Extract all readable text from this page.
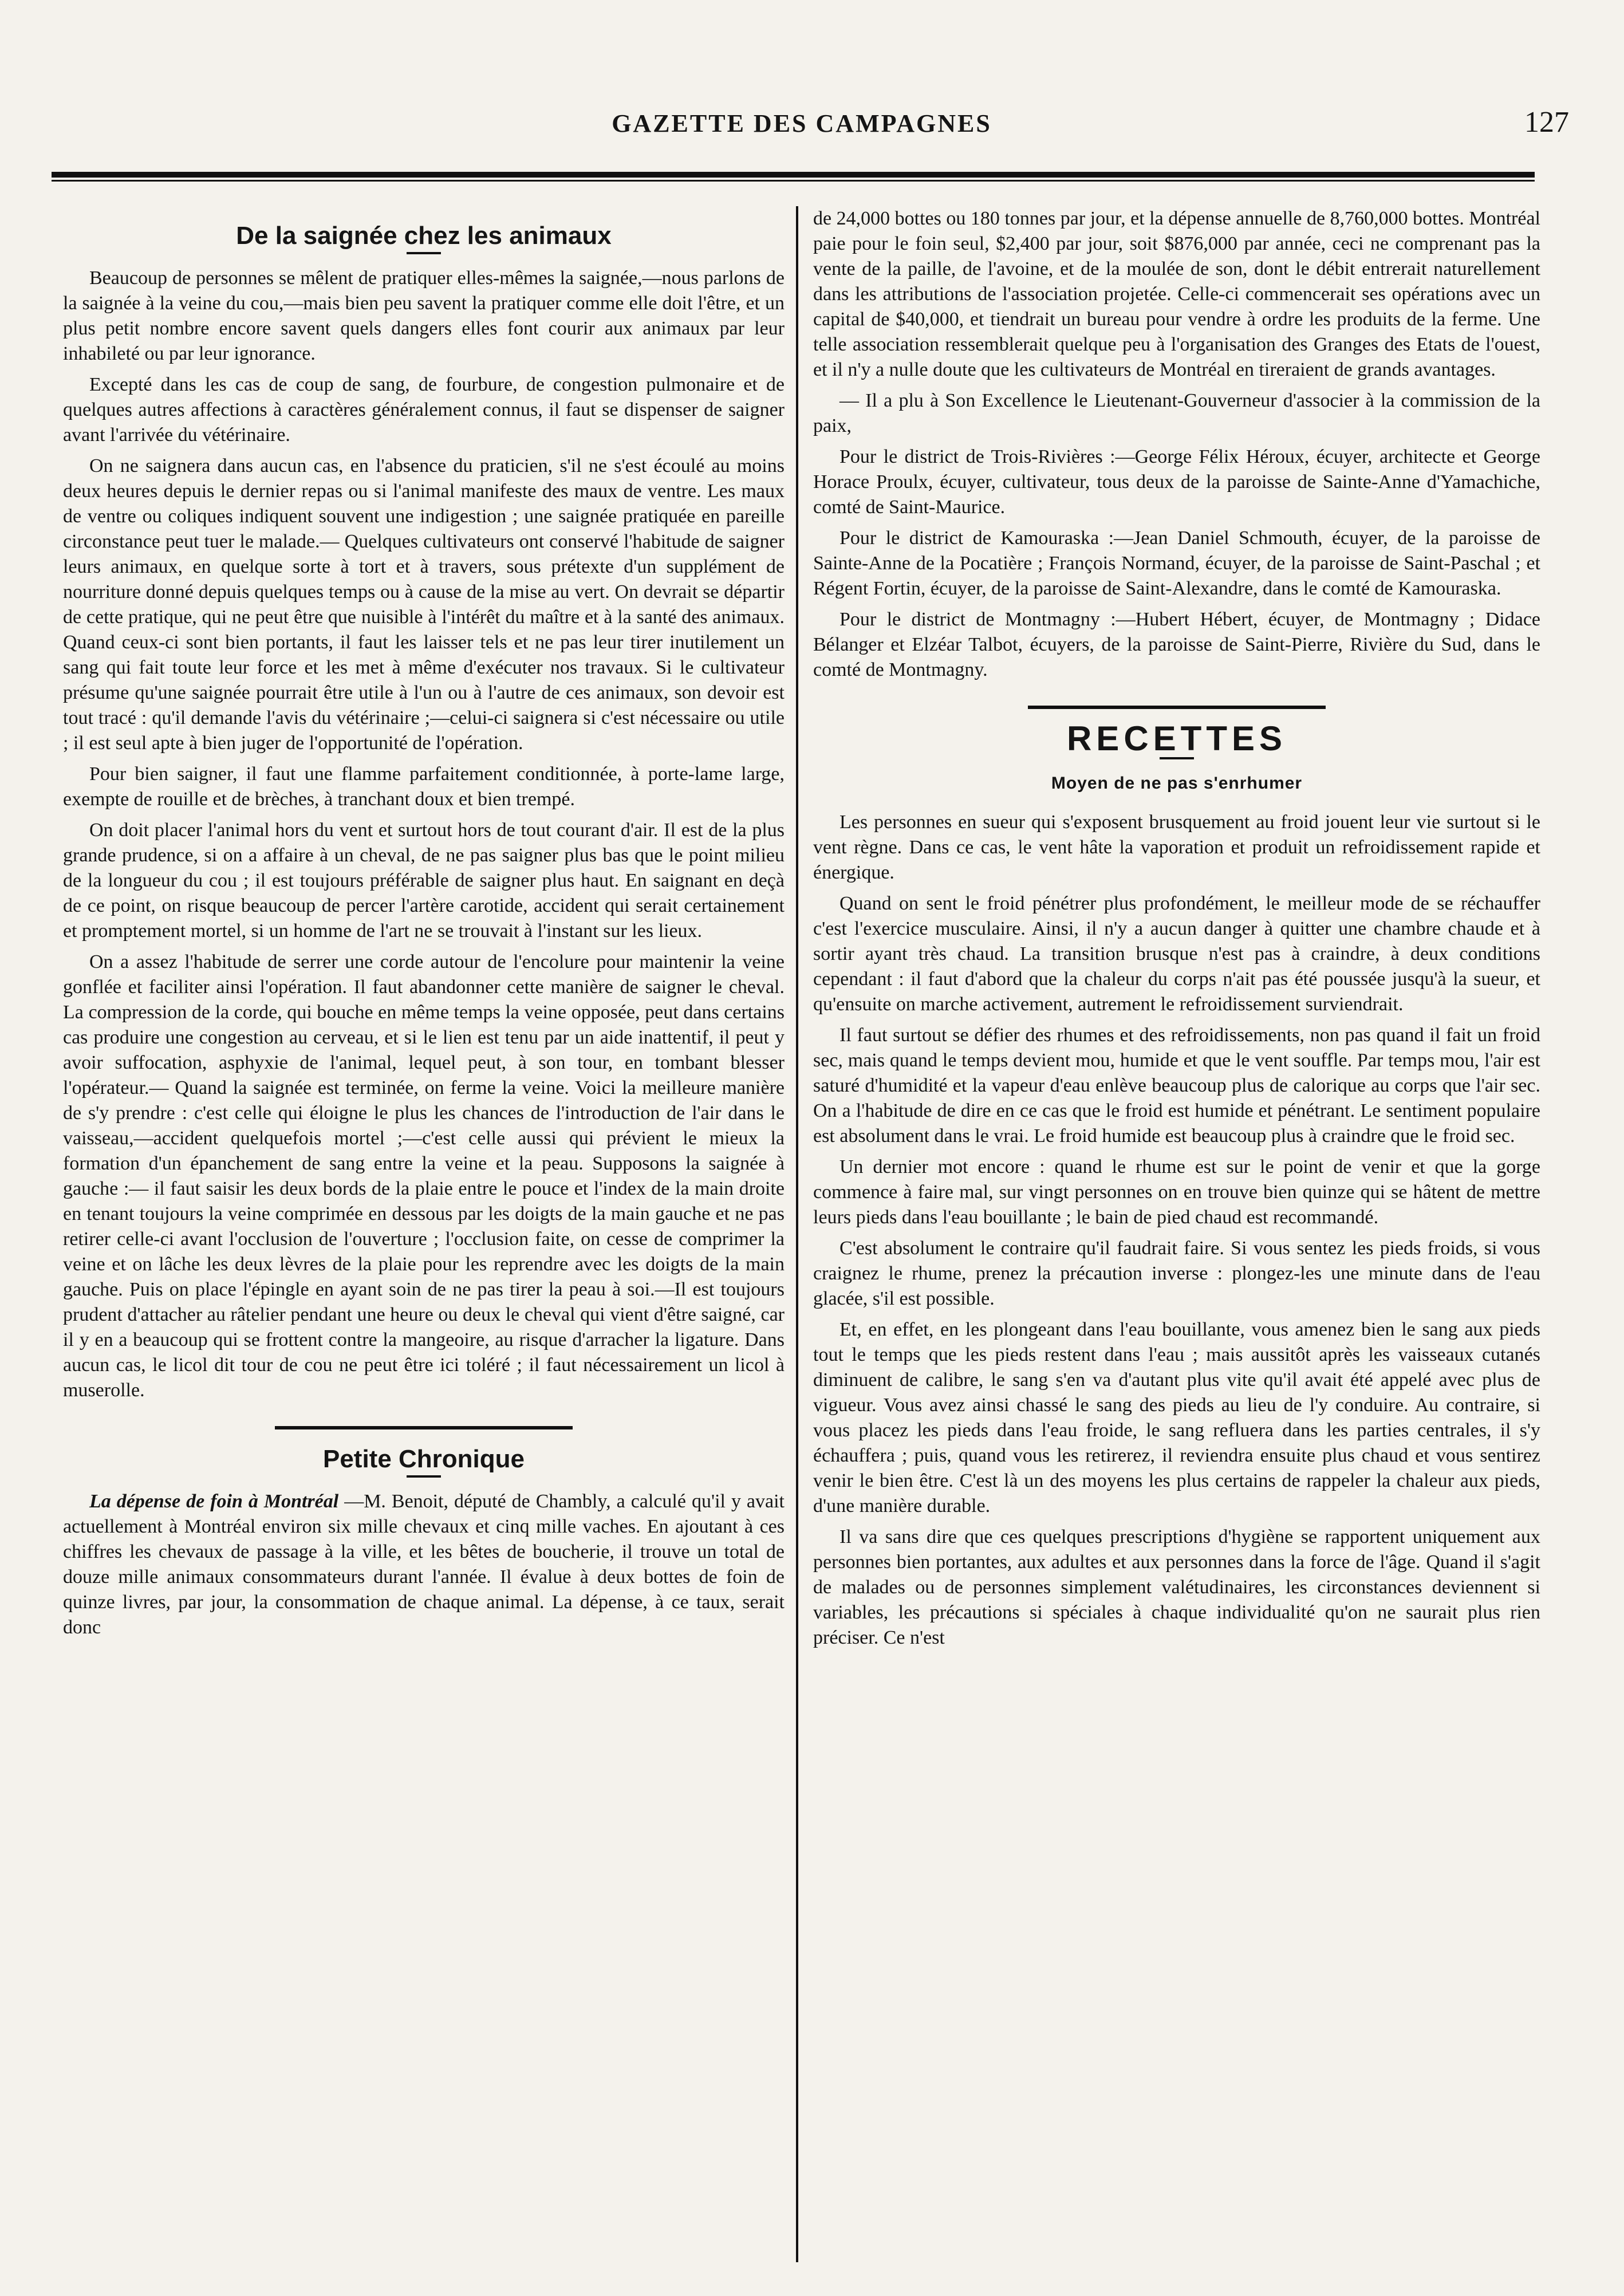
GAZETTE DES CAMPAGNES	127
De la saignée chez les animaux

Beaucoup de personnes se mêlent de pratiquer elles-mêmes la saignée,—nous parlons de la saignée à la veine du cou,—mais bien peu savent la pratiquer comme elle doit l'être, et un plus petit nombre encore savent quels dangers elles font courir aux animaux par leur inhabileté ou par leur ignorance.

Excepté dans les cas de coup de sang, de fourbure, de congestion pulmonaire et de quelques autres affections à caractères généralement connus, il faut se dispenser de saigner avant l'arrivée du vétérinaire.

On ne saignera dans aucun cas, en l'absence du praticien, s'il ne s'est écoulé au moins deux heures depuis le dernier repas ou si l'animal manifeste des maux de ventre. Les maux de ventre ou coliques indiquent souvent une indigestion ; une saignée pratiquée en pareille circonstance peut tuer le malade.— Quelques cultivateurs ont conservé l'habitude de saigner leurs animaux, en quelque sorte à tort et à travers, sous prétexte d'un supplément de nourriture donné depuis quelques temps ou à cause de la mise au vert. On devrait se départir de cette pratique, qui ne peut être que nuisible à l'intérêt du maître et à la santé des animaux. Quand ceux-ci sont bien portants, il faut les laisser tels et ne pas leur tirer inutilement un sang qui fait toute leur force et les met à même d'exécuter nos travaux. Si le cultivateur présume qu'une saignée pourrait être utile à l'un ou à l'autre de ces animaux, son devoir est tout tracé : qu'il demande l'avis du vétérinaire ;—celui-ci saignera si c'est nécessaire ou utile ; il est seul apte à bien juger de l'opportunité de l'opération.

Pour bien saigner, il faut une flamme parfaitement conditionnée, à porte-lame large, exempte de rouille et de brèches, à tranchant doux et bien trempé.

On doit placer l'animal hors du vent et surtout hors de tout courant d'air. Il est de la plus grande prudence, si on a affaire à un cheval, de ne pas saigner plus bas que le point milieu de la longueur du cou ; il est toujours préférable de saigner plus haut. En saignant en deçà de ce point, on risque beaucoup de percer l'artère carotide, accident qui serait certainement et promptement mortel, si un homme de l'art ne se trouvait à l'instant sur les lieux.

On a assez l'habitude de serrer une corde autour de l'encolure pour maintenir la veine gonflée et faciliter ainsi l'opération. Il faut abandonner cette manière de saigner le cheval. La compression de la corde, qui bouche en même temps la veine opposée, peut dans certains cas produire une congestion au cerveau, et si le lien est tenu par un aide inattentif, il peut y avoir suffocation, asphyxie de l'animal, lequel peut, à son tour, en tombant blesser l'opérateur.— Quand la saignée est terminée, on ferme la veine. Voici la meilleure manière de s'y prendre : c'est celle qui éloigne le plus les chances de l'introduction de l'air dans le vaisseau,—accident quelquefois mortel ;—c'est celle aussi qui prévient le mieux la formation d'un épanchement de sang entre la veine et la peau. Supposons la saignée à gauche :— il faut saisir les deux bords de la plaie entre le pouce et l'index de la main droite en tenant toujours la veine comprimée en dessous par les doigts de la main gauche et ne pas retirer celle-ci avant l'occlusion de l'ouverture ; l'occlusion faite, on cesse de comprimer la veine et on lâche les deux lèvres de la plaie pour les reprendre avec les doigts de la main gauche. Puis on place l'épingle en ayant soin de ne pas tirer la peau à soi.—Il est toujours prudent d'attacher au râtelier pendant une heure ou deux le cheval qui vient d'être saigné, car il y en a beaucoup qui se frottent contre la mangeoire, au risque d'arracher la ligature. Dans aucun cas, le licol dit tour de cou ne peut être ici toléré ; il faut nécessairement un licol à muserolle.

Petite Chronique

La dépense de foin à Montréal —M. Benoit, député de Chambly, a calculé qu'il y avait actuellement à Montréal environ six mille chevaux et cinq mille vaches. En ajoutant à ces chiffres les chevaux de passage à la ville, et les bêtes de boucherie, il trouve un total de douze mille animaux consommateurs durant l'année. Il évalue à deux bottes de foin de quinze livres, par jour, la consommation de chaque animal. La dépense, à ce taux, serait donc

de 24,000 bottes ou 180 tonnes par jour, et la dépense annuelle de 8,760,000 bottes. Montréal paie pour le foin seul, $2,400 par jour, soit $876,000 par année, ceci ne comprenant pas la vente de la paille, de l'avoine, et de la moulée de son, dont le débit entrerait naturellement dans les attributions de l'association projetée. Celle-ci commencerait ses opérations avec un capital de $40,000, et tiendrait un bureau pour vendre à ordre les produits de la ferme. Une telle association ressemblerait quelque peu à l'organisation des Granges des Etats de l'ouest, et il n'y a nulle doute que les cultivateurs de Montréal en tireraient de grands avantages.

— Il a plu à Son Excellence le Lieutenant-Gouverneur d'associer à la commission de la paix,

Pour le district de Trois-Rivières :—George Félix Héroux, écuyer, architecte et George Horace Proulx, écuyer, cultivateur, tous deux de la paroisse de Sainte-Anne d'Yamachiche, comté de Saint-Maurice.

Pour le district de Kamouraska :—Jean Daniel Schmouth, écuyer, de la paroisse de Sainte-Anne de la Pocatière ; François Normand, écuyer, de la paroisse de Saint-Paschal ; et Régent Fortin, écuyer, de la paroisse de Saint-Alexandre, dans le comté de Kamouraska.

Pour le district de Montmagny :—Hubert Hébert, écuyer, de Montmagny ; Didace Bélanger et Elzéar Talbot, écuyers, de la paroisse de Saint-Pierre, Rivière du Sud, dans le comté de Montmagny.

RECETTES
Moyen de ne pas s'enrhumer

Les personnes en sueur qui s'exposent brusquement au froid jouent leur vie surtout si le vent règne. Dans ce cas, le vent hâte la vaporation et produit un refroidissement rapide et énergique.

Quand on sent le froid pénétrer plus profondément, le meilleur mode de se réchauffer c'est l'exercice musculaire. Ainsi, il n'y a aucun danger à quitter une chambre chaude et à sortir ayant très chaud. La transition brusque n'est pas à craindre, à deux conditions cependant : il faut d'abord que la chaleur du corps n'ait pas été poussée jusqu'à la sueur, et qu'ensuite on marche activement, autrement le refroidissement surviendrait.

Il faut surtout se défier des rhumes et des refroidissements, non pas quand il fait un froid sec, mais quand le temps devient mou, humide et que le vent souffle. Par temps mou, l'air est saturé d'humidité et la vapeur d'eau enlève beaucoup plus de calorique au corps que l'air sec. On a l'habitude de dire en ce cas que le froid est humide et pénétrant. Le sentiment populaire est absolument dans le vrai. Le froid humide est beaucoup plus à craindre que le froid sec.

Un dernier mot encore : quand le rhume est sur le point de venir et que la gorge commence à faire mal, sur vingt personnes on en trouve bien quinze qui se hâtent de mettre leurs pieds dans l'eau bouillante ; le bain de pied chaud est recommandé.

C'est absolument le contraire qu'il faudrait faire. Si vous sentez les pieds froids, si vous craignez le rhume, prenez la précaution inverse : plongez-les une minute dans de l'eau glacée, s'il est possible.

Et, en effet, en les plongeant dans l'eau bouillante, vous amenez bien le sang aux pieds tout le temps que les pieds restent dans l'eau ; mais aussitôt après les vaisseaux cutanés diminuent de calibre, le sang s'en va d'autant plus vite qu'il avait été appelé avec plus de vigueur. Vous avez ainsi chassé le sang des pieds au lieu de l'y conduire. Au contraire, si vous placez les pieds dans l'eau froide, le sang refluera dans les parties centrales, il s'y échauffera ; puis, quand vous les retirerez, il reviendra ensuite plus chaud et vous sentirez venir le bien être. C'est là un des moyens les plus certains de rappeler la chaleur aux pieds, d'une manière durable.

Il va sans dire que ces quelques prescriptions d'hygiène se rapportent uniquement aux personnes bien portantes, aux adultes et aux personnes dans la force de l'âge. Quand il s'agit de malades ou de personnes simplement valétudinaires, les circonstances deviennent si variables, les précautions si spéciales à chaque individualité qu'on ne saurait plus rien préciser. Ce n'est
